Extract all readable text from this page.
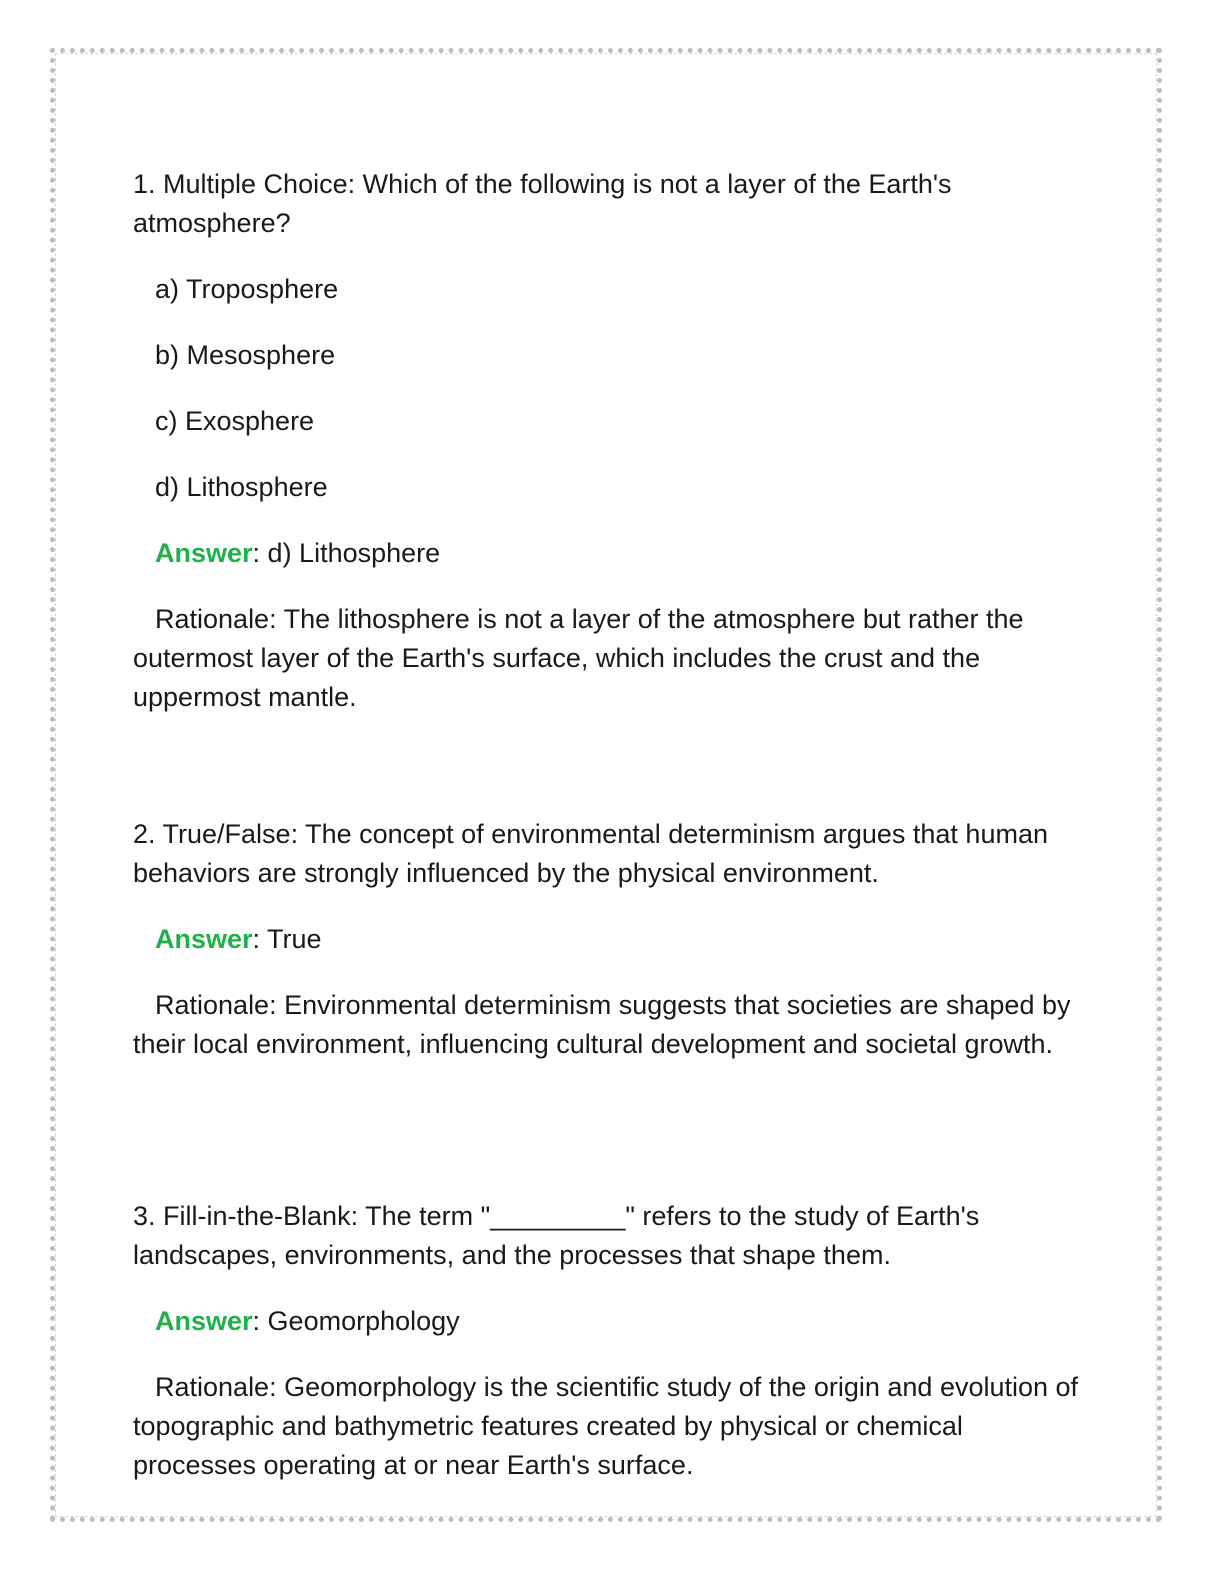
1. Multiple Choice: Which of the following is not a layer of the Earth's atmosphere?

a) Troposphere

b) Mesosphere

c) Exosphere

d) Lithosphere

Answer: d) Lithosphere

Rationale: The lithosphere is not a layer of the atmosphere but rather the outermost layer of the Earth's surface, which includes the crust and the uppermost mantle.

2. True/False: The concept of environmental determinism argues that human behaviors are strongly influenced by the physical environment.

Answer: True

Rationale: Environmental determinism suggests that societies are shaped by their local environment, influencing cultural development and societal growth.

3. Fill-in-the-Blank: The term "_________" refers to the study of Earth's landscapes, environments, and the processes that shape them.

Answer: Geomorphology

Rationale: Geomorphology is the scientific study of the origin and evolution of topographic and bathymetric features created by physical or chemical processes operating at or near Earth's surface.
